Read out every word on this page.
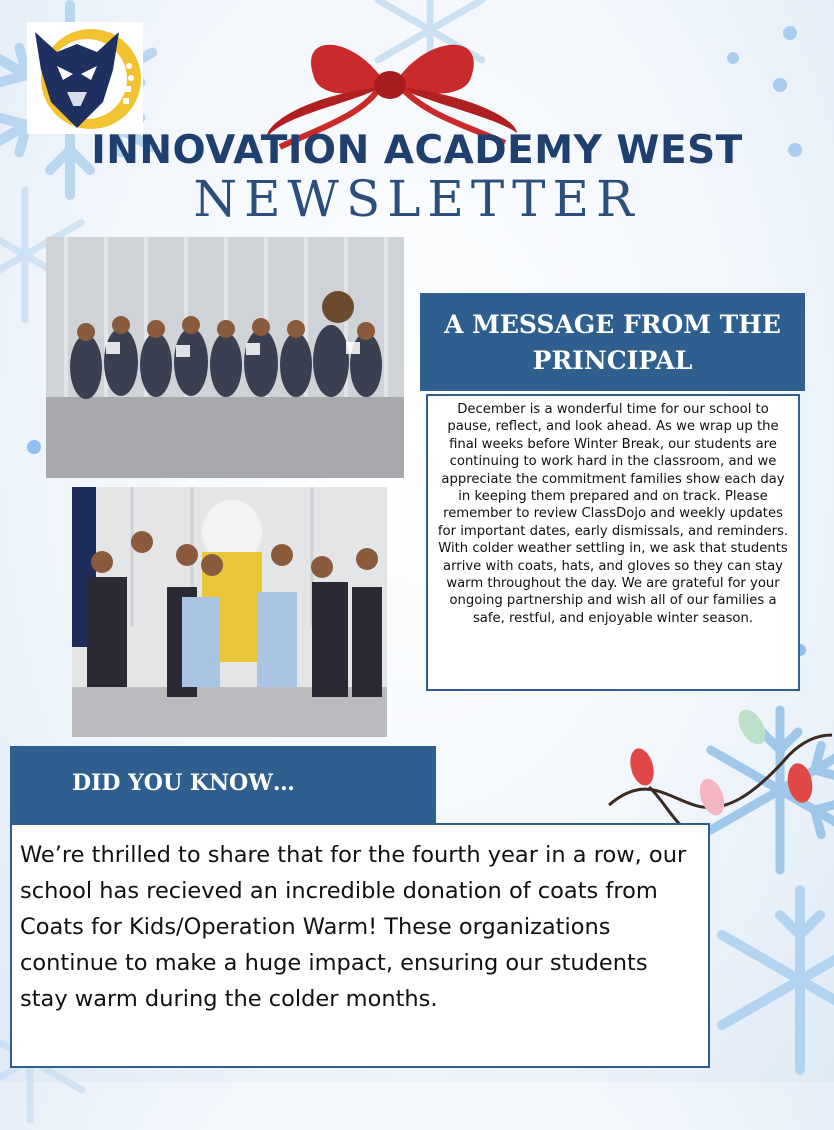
INNOVATION ACADEMY WEST
NEWSLETTER
A MESSAGE FROM THE PRINCIPAL
December is a wonderful time for our school to pause, reflect, and look ahead. As we wrap up the final weeks before Winter Break, our students are continuing to work hard in the classroom, and we appreciate the commitment families show each day in keeping them prepared and on track. Please remember to review ClassDojo and weekly updates for important dates, early dismissals, and reminders. With colder weather settling in, we ask that students arrive with coats, hats, and gloves so they can stay warm throughout the day. We are grateful for your ongoing partnership and wish all of our families a safe, restful, and enjoyable winter season.
DID YOU KNOW…
We’re thrilled to share that for the fourth year in a row, our school has recieved an incredible donation of coats from Coats for Kids/Operation Warm! These organizations continue to make a huge impact, ensuring our students stay warm during the colder months.
